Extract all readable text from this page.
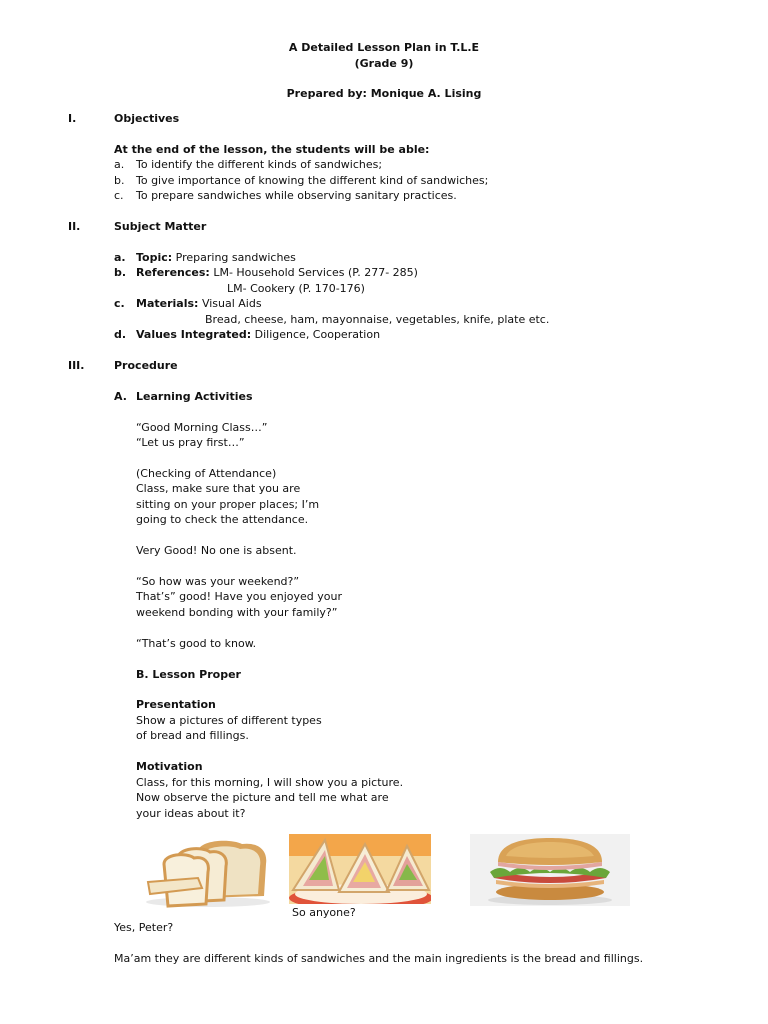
A Detailed Lesson Plan in T.L.E
(Grade 9)
Prepared by: Monique A. Lising
I.	Objectives
At the end of the lesson, the students will be able:
a. To identify the different kinds of sandwiches;
b. To give importance of knowing the different kind of sandwiches;
c. To prepare sandwiches while observing sanitary practices.
II.	Subject Matter
a. Topic: Preparing sandwiches
b. References: LM- Household Services (P. 277- 285)
LM- Cookery (P. 170-176)
c. Materials: Visual Aids
Bread, cheese, ham, mayonnaise, vegetables, knife, plate etc.
d. Values Integrated: Diligence, Cooperation
III.	Procedure
A. Learning Activities
“Good Morning Class…”
“Let us pray first…”
(Checking of Attendance)
Class, make sure that you are
sitting on your proper places; I’m
going to check the attendance.
Very Good! No one is absent.
“So how was your weekend?”
That’s” good! Have you enjoyed your
weekend bonding with your family?”
“That’s good to know.
B. Lesson Proper
Presentation
Show a pictures of different types
of bread and fillings.
Motivation
Class, for this morning, I will show you a picture.
Now observe the picture and tell me what are
your ideas about it?
So anyone?
Yes, Peter?
Ma’am they are different kinds of sandwiches and the main ingredients is the bread and fillings.
